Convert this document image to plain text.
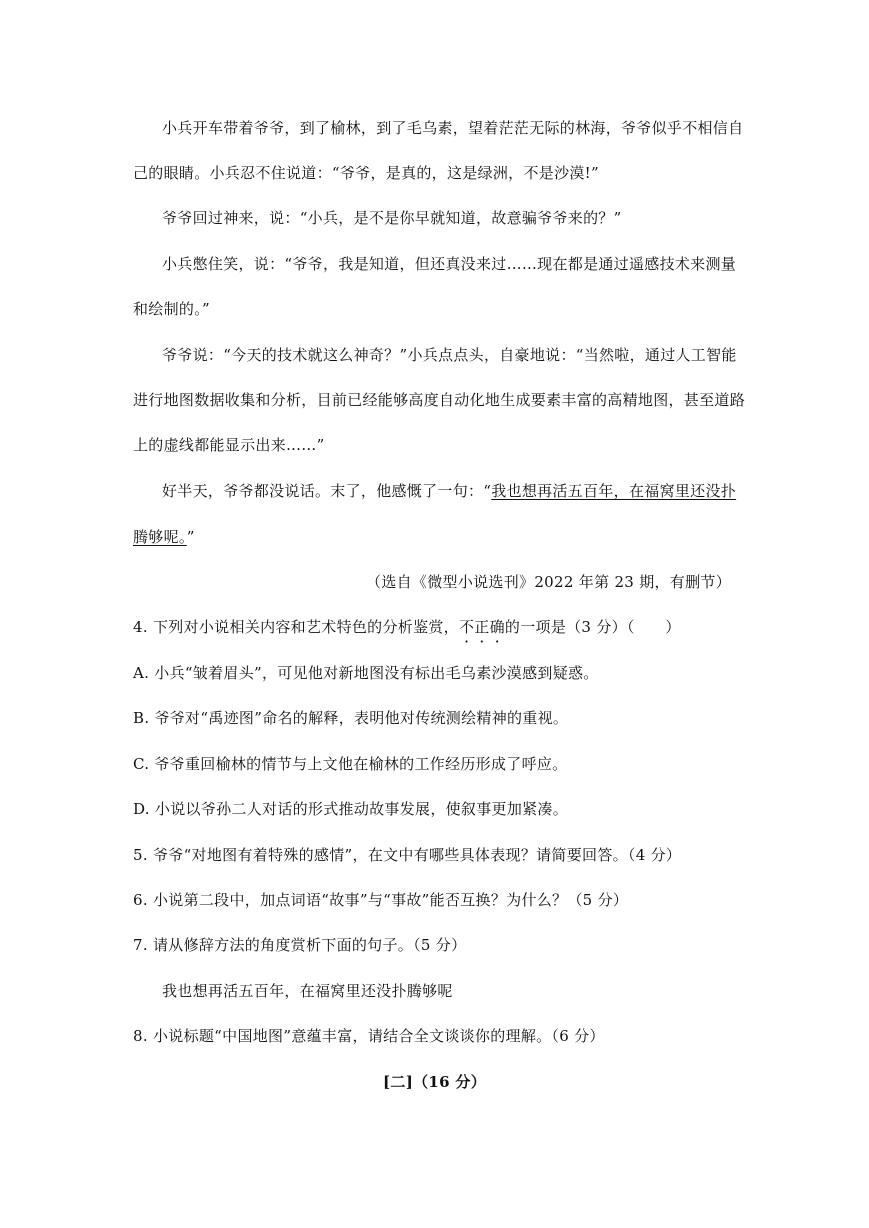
小兵开车带着爷爷，到了榆林，到了毛乌素，望着茫茫无际的林海，爷爷似乎不相信自
己的眼睛。小兵忍不住说道：“爷爷，是真的，这是绿洲，不是沙漠!”
爷爷回过神来，说：“小兵，是不是你早就知道，故意骗爷爷来的？”
小兵憋住笑，说：“爷爷，我是知道，但还真没来过……现在都是通过遥感技术来测量
和绘制的。”
爷爷说：“今天的技术就这么神奇？”小兵点点头，自豪地说：“当然啦，通过人工智能
进行地图数据收集和分析，目前已经能够高度自动化地生成要素丰富的高精地图，甚至道路
上的虚线都能显示出来……”
好半天，爷爷都没说话。末了，他感慨了一句：“我也想再活五百年，在福窝里还没扑
腾够呢。”
（选自《微型小说选刊》2022 年第 23 期，有删节）
4. 下列对小说相关内容和艺术特色的分析鉴赏，不正确的一项是（3 分）（　　）
A. 小兵“皱着眉头”，可见他对新地图没有标出毛乌素沙漠感到疑惑。
B. 爷爷对“禹迹图”命名的解释，表明他对传统测绘精神的重视。
C. 爷爷重回榆林的情节与上文他在榆林的工作经历形成了呼应。
D. 小说以爷孙二人对话的形式推动故事发展，使叙事更加紧凑。
5. 爷爷“对地图有着特殊的感情”，在文中有哪些具体表现？请简要回答。（4 分）
6. 小说第二段中，加点词语“故事”与“事故”能否互换？为什么？（5 分）
7. 请从修辞方法的角度赏析下面的句子。（5 分）
我也想再活五百年，在福窝里还没扑腾够呢
8. 小说标题“中国地图”意蕴丰富，请结合全文谈谈你的理解。（6 分）
[二]（16 分）
